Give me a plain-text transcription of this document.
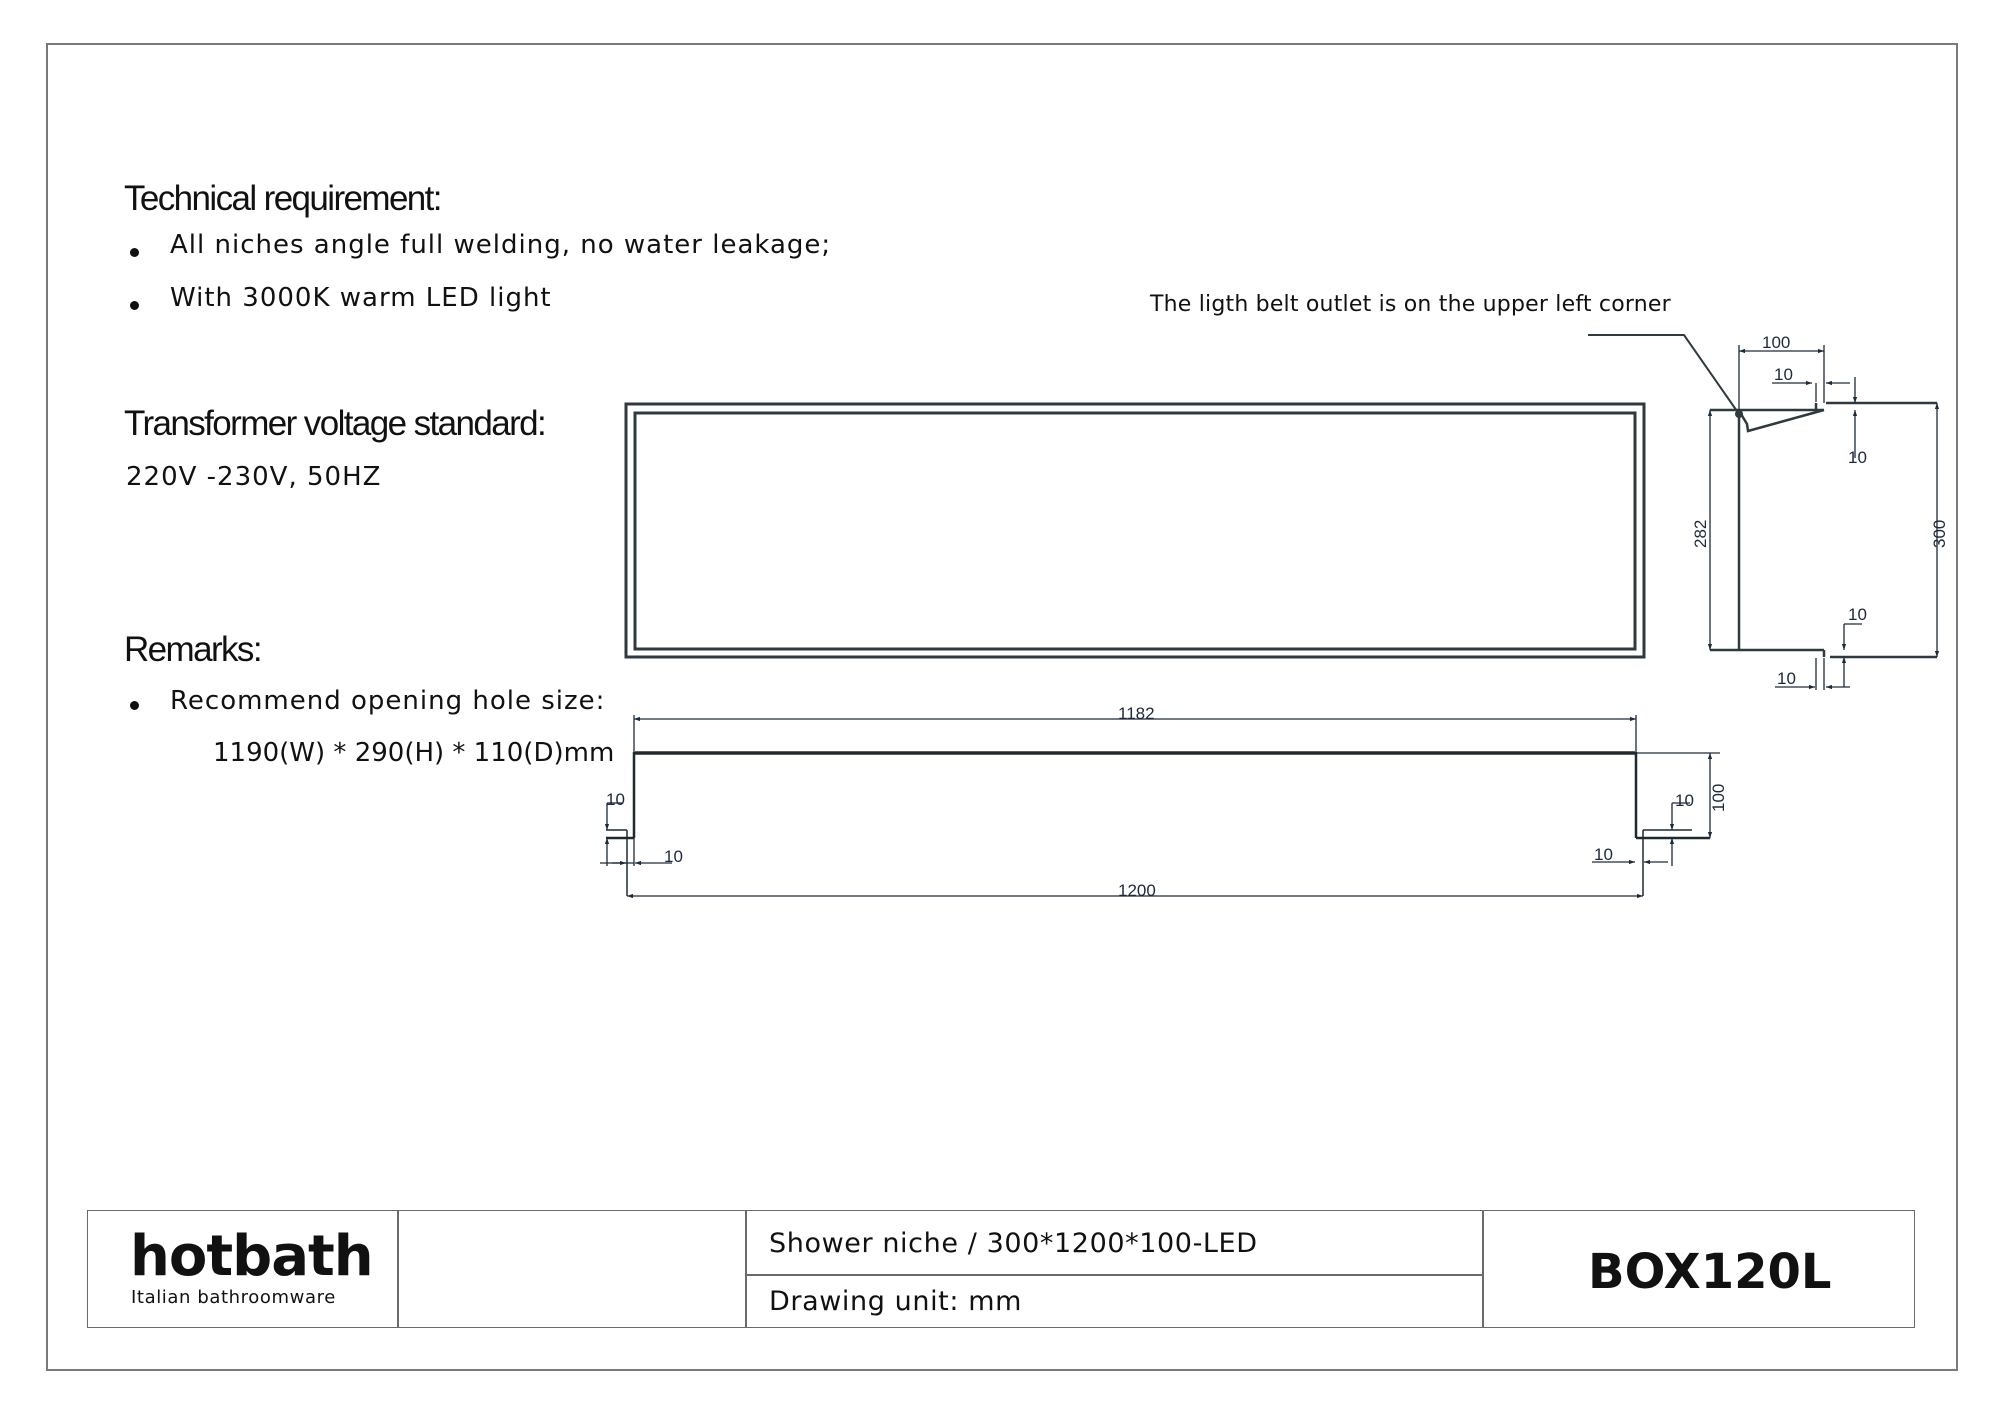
Technical requirement:
All niches angle full welding, no water leakage;
With 3000K warm LED light
Transformer voltage standard:
220V -230V, 50HZ
Remarks:
Recommend opening hole size:
1190(W) * 290(H) * 110(D)mm
The ligth belt outlet is on the upper left corner
100
10
10
282	300
10
10
1182
1200
100
10
10
10
10
hotbath
Italian bathroomware
Shower niche / 300*1200*100-LED
Drawing unit: mm
BOX120L
